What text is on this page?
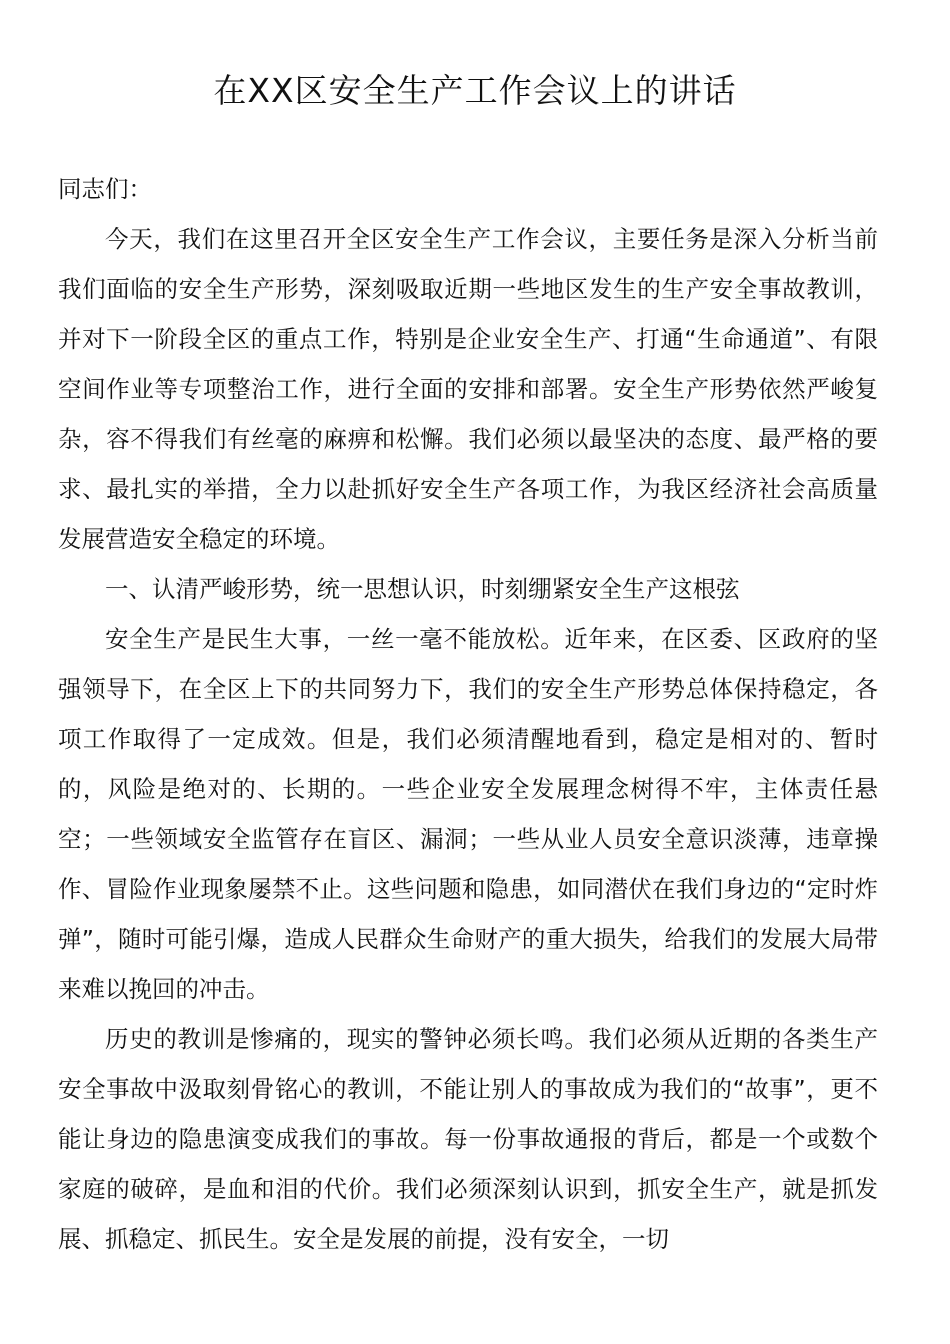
在XX区安全生产工作会议上的讲话

同志们：

今天，我们在这里召开全区安全生产工作会议，主要任务是深入分析当前我们面临的安全生产形势，深刻吸取近期一些地区发生的生产安全事故教训，并对下一阶段全区的重点工作，特别是企业安全生产、打通“生命通道”、有限空间作业等专项整治工作，进行全面的安排和部署。安全生产形势依然严峻复杂，容不得我们有丝毫的麻痹和松懈。我们必须以最坚决的态度、最严格的要求、最扎实的举措，全力以赴抓好安全生产各项工作，为我区经济社会高质量发展营造安全稳定的环境。

一、认清严峻形势，统一思想认识，时刻绷紧安全生产这根弦

安全生产是民生大事，一丝一毫不能放松。近年来，在区委、区政府的坚强领导下，在全区上下的共同努力下，我们的安全生产形势总体保持稳定，各项工作取得了一定成效。但是，我们必须清醒地看到，稳定是相对的、暂时的，风险是绝对的、长期的。一些企业安全发展理念树得不牢，主体责任悬空；一些领域安全监管存在盲区、漏洞；一些从业人员安全意识淡薄，违章操作、冒险作业现象屡禁不止。这些问题和隐患，如同潜伏在我们身边的“定时炸弹”，随时可能引爆，造成人民群众生命财产的重大损失，给我们的发展大局带来难以挽回的冲击。

历史的教训是惨痛的，现实的警钟必须长鸣。我们必须从近期的各类生产安全事故中汲取刻骨铭心的教训，不能让别人的事故成为我们的“故事”，更不能让身边的隐患演变成我们的事故。每一份事故通报的背后，都是一个或数个家庭的破碎，是血和泪的代价。我们必须深刻认识到，抓安全生产，就是抓发展、抓稳定、抓民生。安全是发展的前提，没有安全，一切
